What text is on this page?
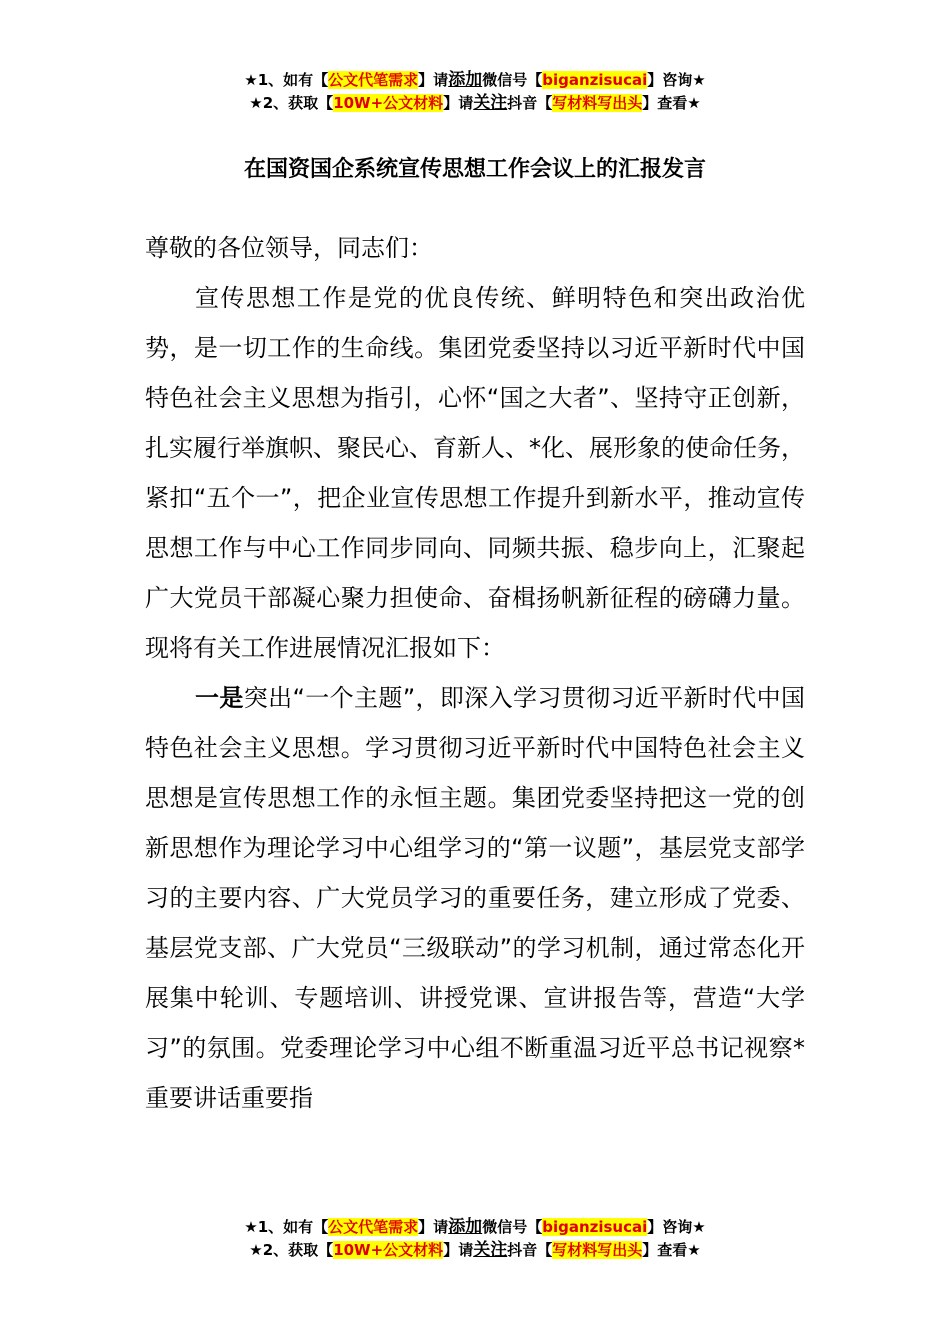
★1、如有【公文代笔需求】请添加微信号【biganzisucai】咨询★
★2、获取【10W+公文材料】请关注抖音【写材料写出头】查看★
在国资国企系统宣传思想工作会议上的汇报发言

尊敬的各位领导，同志们：

宣传思想工作是党的优良传统、鲜明特色和突出政治优势，是一切工作的生命线。集团党委坚持以习近平新时代中国特色社会主义思想为指引，心怀“国之大者”、坚持守正创新，扎实履行举旗帜、聚民心、育新人、*化、展形象的使命任务，紧扣“五个一”，把企业宣传思想工作提升到新水平，推动宣传思想工作与中心工作同步同向、同频共振、稳步向上，汇聚起广大党员干部凝心聚力担使命、奋楫扬帆新征程的磅礴力量。现将有关工作进展情况汇报如下：

一是突出“一个主题”，即深入学习贯彻习近平新时代中国特色社会主义思想。学习贯彻习近平新时代中国特色社会主义思想是宣传思想工作的永恒主题。集团党委坚持把这一党的创新思想作为理论学习中心组学习的“第一议题”，基层党支部学习的主要内容、广大党员学习的重要任务，建立形成了党委、基层党支部、广大党员“三级联动”的学习机制，通过常态化开展集中轮训、专题培训、讲授党课、宣讲报告等，营造“大学习”的氛围。党委理论学习中心组不断重温习近平总书记视察*重要讲话重要指

★1、如有【公文代笔需求】请添加微信号【biganzisucai】咨询★
★2、获取【10W+公文材料】请关注抖音【写材料写出头】查看★
